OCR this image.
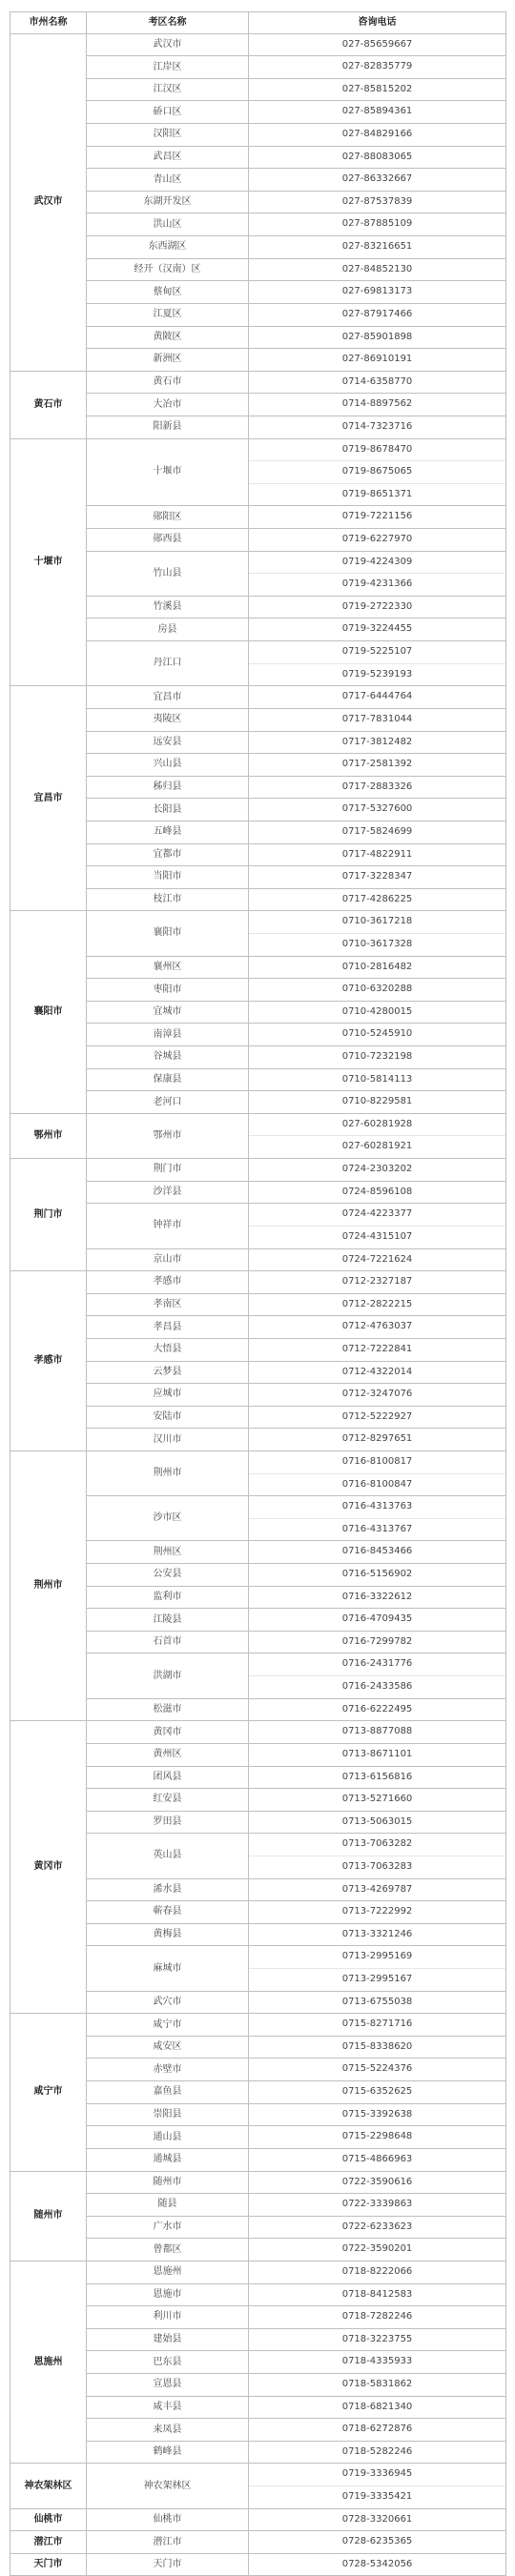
市州名称	考区名称	咨询电话
武汉市	武汉市	027-85659667

	江岸区	027-82835779

	江汉区	027-85815202

	硚口区	027-85894361

	汉阳区	027-84829166

	武昌区	027-88083065

	青山区	027-86332667

	东湖开发区	027-87537839

	洪山区	027-87885109

	东西湖区	027-83216651

	经开（汉南）区	027-84852130

	蔡甸区	027-69813173

	江夏区	027-87917466

	黄陂区	027-85901898

	新洲区	027-86910191

黄石市	黄石市	0714-6358770

	大冶市	0714-8897562

	阳新县	0714-7323716

十堰市	十堰市	0719-8678470
0719-8675065
0719-8651371

	郧阳区	0719-7221156

	郧西县	0719-6227970

	竹山县	0719-4224309
0719-4231366

	竹溪县	0719-2722330

	房县	0719-3224455

	丹江口	0719-5225107
0719-5239193

宜昌市	宜昌市	0717-6444764

	夷陵区	0717-7831044

	远安县	0717-3812482

	兴山县	0717-2581392

	秭归县	0717-2883326

	长阳县	0717-5327600

	五峰县	0717-5824699

	宜都市	0717-4822911

	当阳市	0717-3228347

	枝江市	0717-4286225

襄阳市	襄阳市	0710-3617218
0710-3617328

	襄州区	0710-2816482

	枣阳市	0710-6320288

	宜城市	0710-4280015

	南漳县	0710-5245910

	谷城县	0710-7232198

	保康县	0710-5814113

	老河口	0710-8229581

鄂州市	鄂州市	027-60281928
027-60281921

荆门市	荆门市	0724-2303202

	沙洋县	0724-8596108

	钟祥市	0724-4223377
0724-4315107

	京山市	0724-7221624

孝感市	孝感市	0712-2327187

	孝南区	0712-2822215

	孝昌县	0712-4763037

	大悟县	0712-7222841

	云梦县	0712-4322014

	应城市	0712-3247076

	安陆市	0712-5222927

	汉川市	0712-8297651

荆州市	荆州市	0716-8100817
0716-8100847

	沙市区	0716-4313763
0716-4313767

	荆州区	0716-8453466

	公安县	0716-5156902

	监利市	0716-3322612

	江陵县	0716-4709435

	石首市	0716-7299782

	洪湖市	0716-2431776
0716-2433586

	松滋市	0716-6222495

黄冈市	黄冈市	0713-8877088

	黄州区	0713-8671101

	团风县	0713-6156816

	红安县	0713-5271660

	罗田县	0713-5063015

	英山县	0713-7063282
0713-7063283

	浠水县	0713-4269787

	蕲春县	0713-7222992

	黄梅县	0713-3321246

	麻城市	0713-2995169
0713-2995167

	武穴市	0713-6755038

咸宁市	咸宁市	0715-8271716

	咸安区	0715-8338620

	赤壁市	0715-5224376

	嘉鱼县	0715-6352625

	崇阳县	0715-3392638

	通山县	0715-2298648

	通城县	0715-4866963

随州市	随州市	0722-3590616

	随县	0722-3339863

	广水市	0722-6233623

	曾都区	0722-3590201

恩施州	恩施州	0718-8222066

	恩施市	0718-8412583

	利川市	0718-7282246

	建始县	0718-3223755

	巴东县	0718-4335933

	宣恩县	0718-5831862

	咸丰县	0718-6821340

	来凤县	0718-6272876

	鹤峰县	0718-5282246

神农架林区	神农架林区	0719-3336945
0719-3335421

仙桃市	仙桃市	0728-3320661

潜江市	潜江市	0728-6235365

天门市	天门市	0728-5342056
